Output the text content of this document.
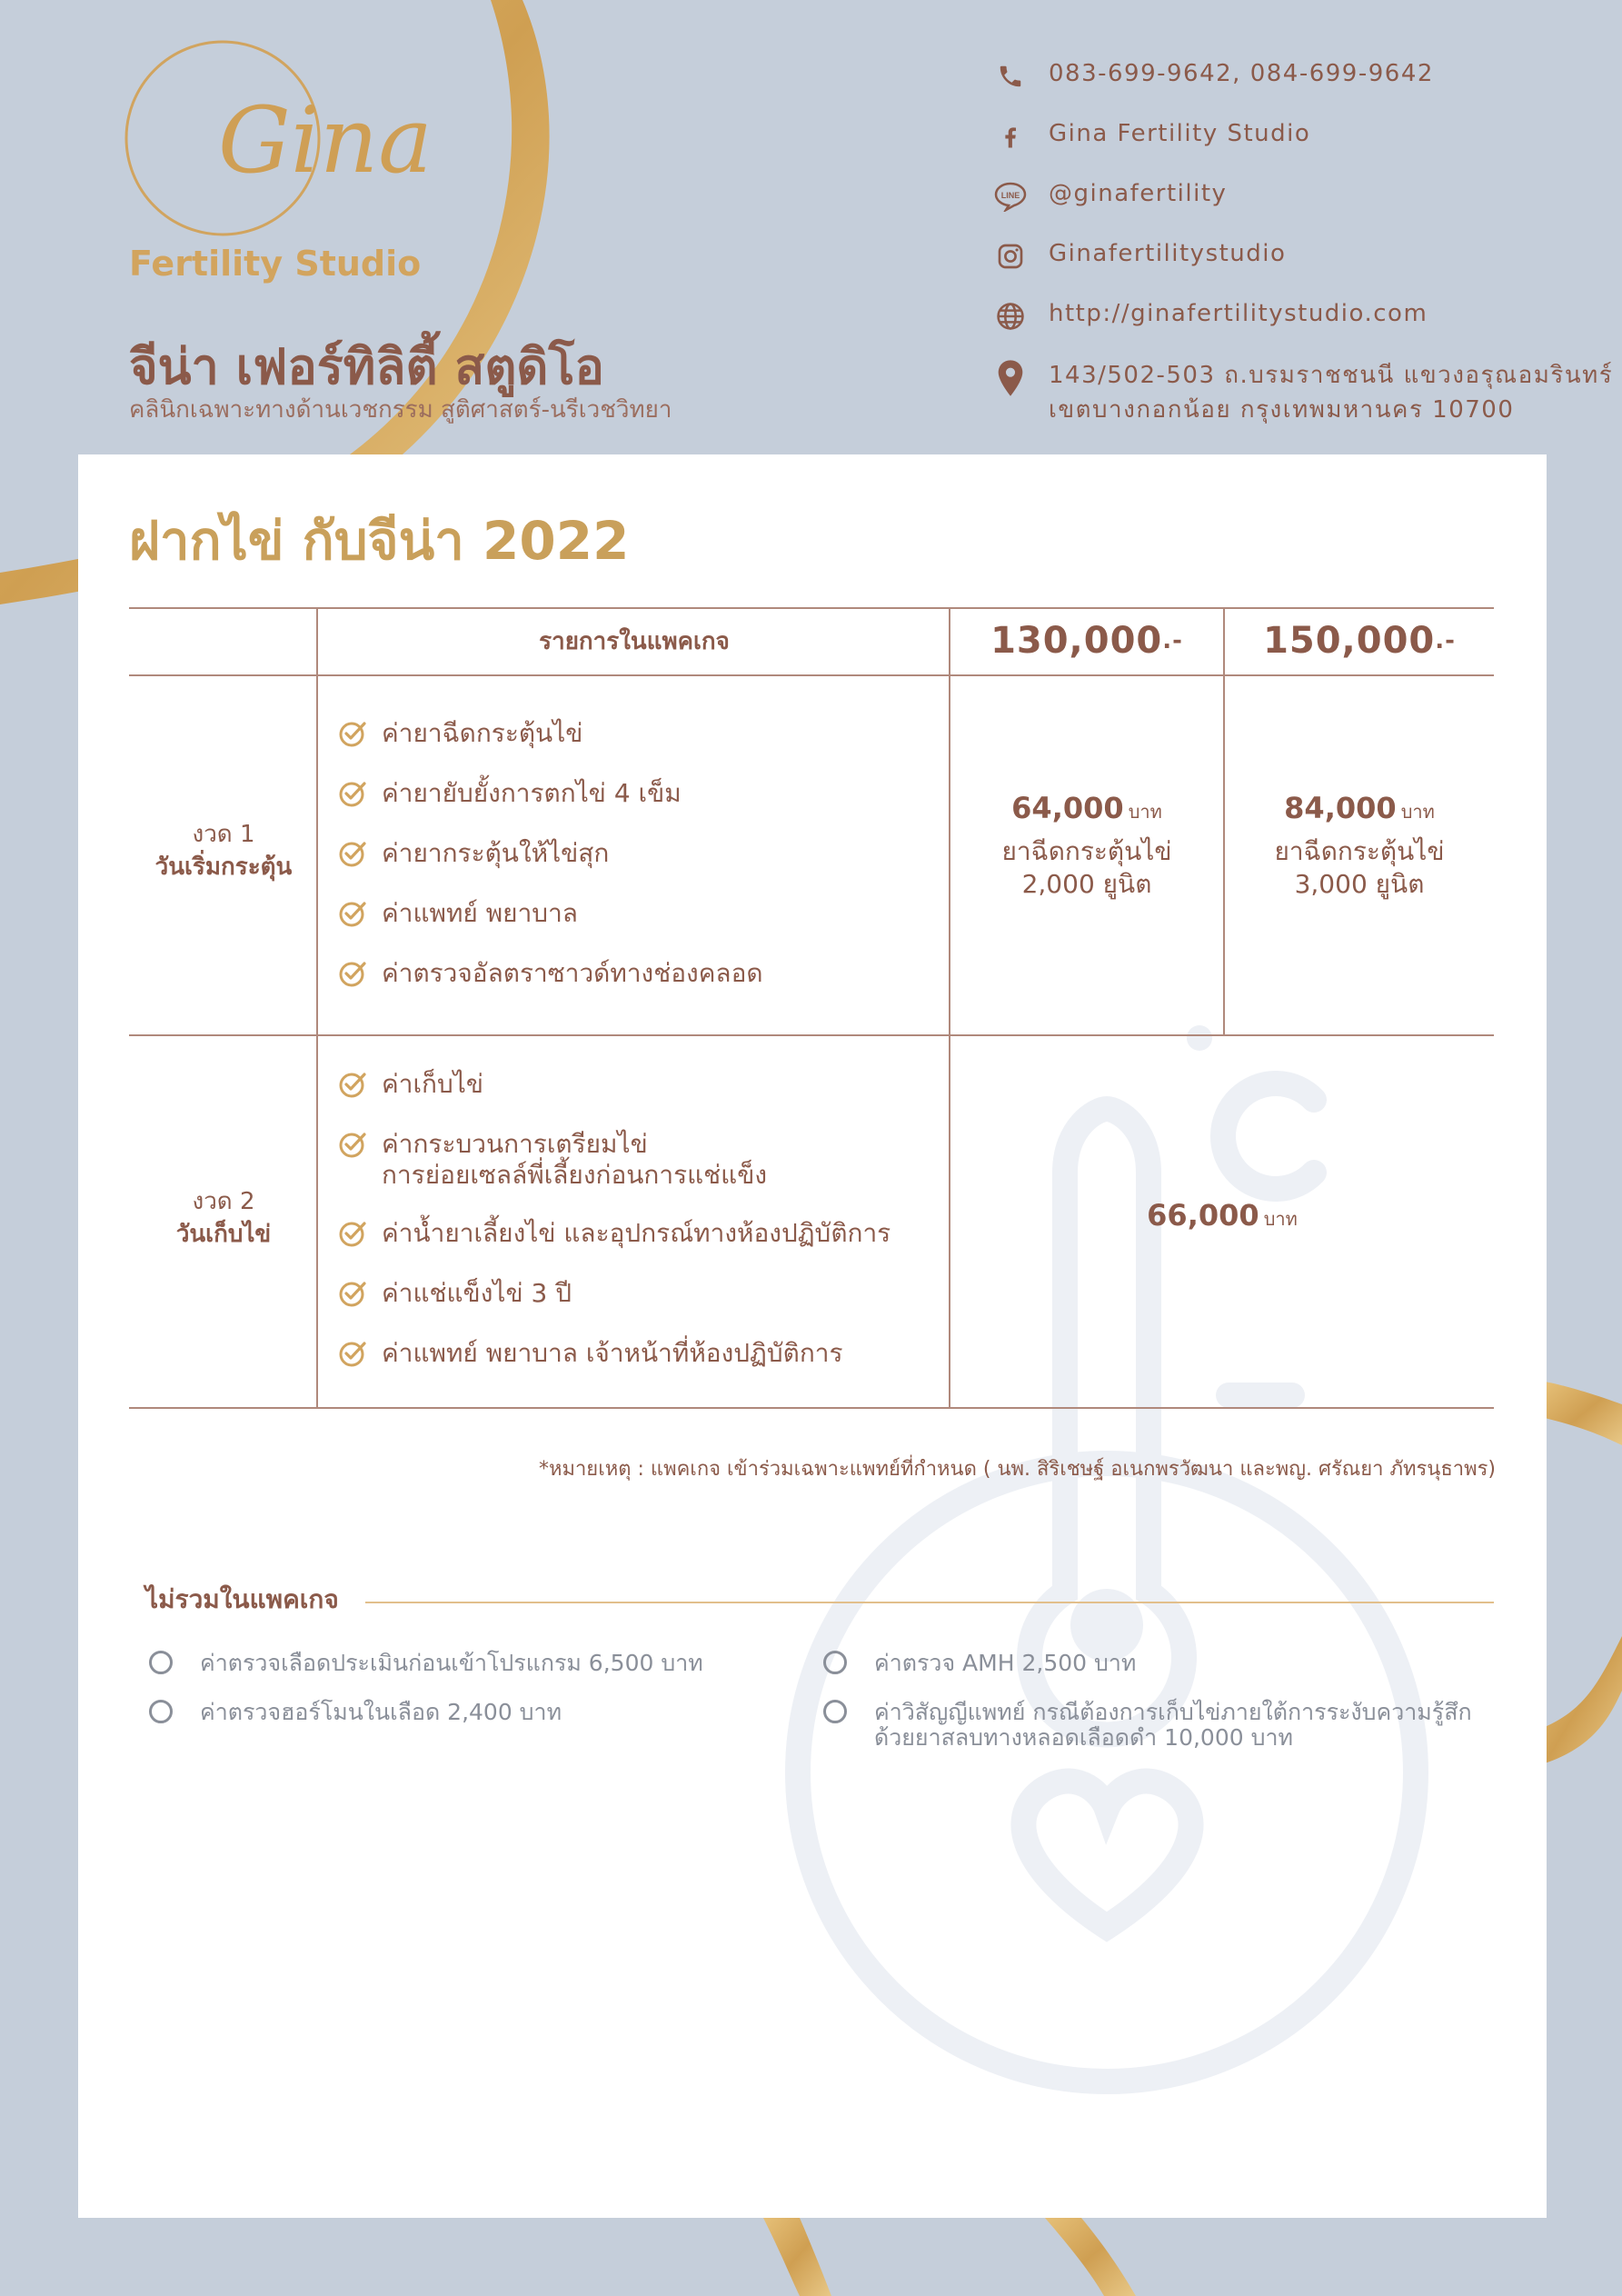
Gina
Fertility Studio
จีน่า เฟอร์ทิลิตี้ สตูดิโอ
คลินิกเฉพาะทางด้านเวชกรรม สูติศาสตร์-นรีเวชวิทยา
083-699-9642, 084-699-9642
Gina Fertility Studio
LINE @ginafertility
Ginafertilitystudio
http://ginafertilitystudio.com
143/502-503 ถ.บรมราชชนนี แขวงอรุณอมรินทร์
เขตบางกอกน้อย กรุงเทพมหานคร 10700
ฝากไข่ กับจีน่า 2022
รายการในแพคเกจ	130,000 .- 150,000 .-
งวด 1
วันเริ่มกระตุ้น
ค่ายาฉีดกระตุ้นไข่
ค่ายายับยั้งการตกไข่ 4 เข็ม
ค่ายากระตุ้นให้ไข่สุก
ค่าแพทย์ พยาบาล
ค่าตรวจอัลตราซาวด์ทางช่องคลอด
64,000 บาท
ยาฉีดกระตุ้นไข่
2,000 ยูนิต
84,000 บาท
ยาฉีดกระตุ้นไข่
3,000 ยูนิต
งวด 2
วันเก็บไข่
ค่าเก็บไข่
ค่ากระบวนการเตรียมไข่
การย่อยเซลล์พี่เลี้ยงก่อนการแช่แข็ง
ค่าน้ำยาเลี้ยงไข่ และอุปกรณ์ทางห้องปฏิบัติการ
ค่าแช่แข็งไข่ 3 ปี
ค่าแพทย์ พยาบาล เจ้าหน้าที่ห้องปฏิบัติการ
66,000 บาท
*หมายเหตุ : แพคเกจ เข้าร่วมเฉพาะแพทย์ที่กำหนด ( นพ. สิริเชษฐ์ อเนกพรวัฒนา และพญ. ศรัณยา ภัทรนุธาพร)
ไม่รวมในแพคเกจ
ค่าตรวจเลือดประเมินก่อนเข้าโปรแกรม 6,500 บาท
ค่าตรวจฮอร์โมนในเลือด 2,400 บาท
ค่าตรวจ AMH 2,500 บาท
ค่าวิสัญญีแพทย์ กรณีต้องการเก็บไข่ภายใต้การระงับความรู้สึก
ด้วยยาสลบทางหลอดเลือดดำ 10,000 บาท
